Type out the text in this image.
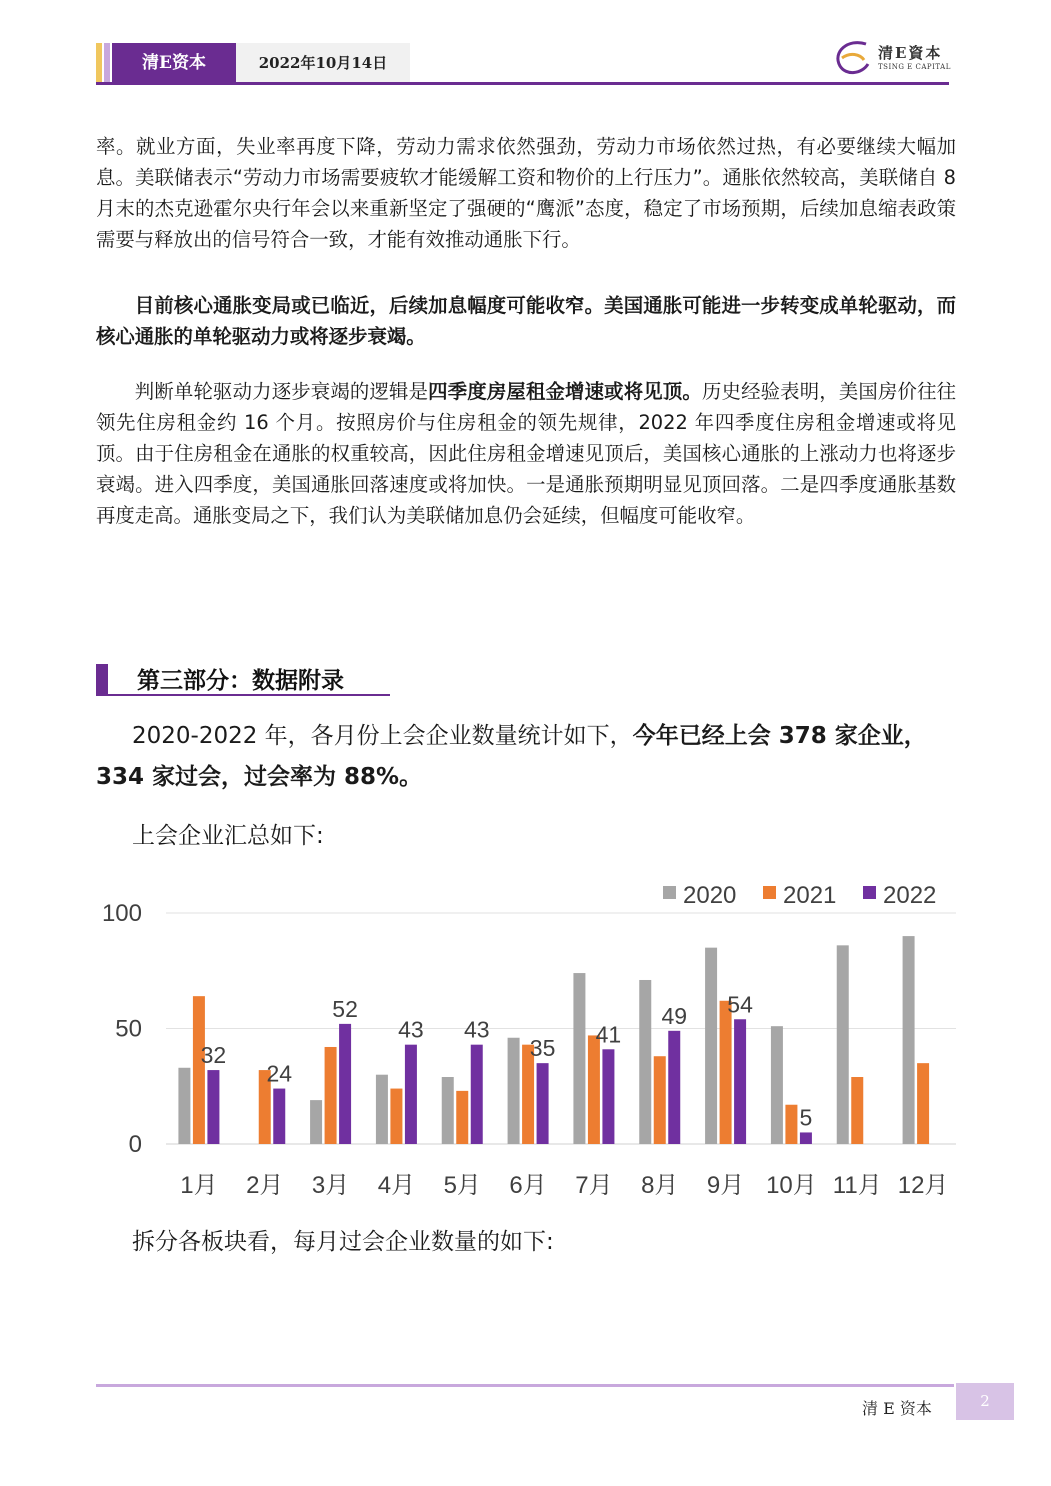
清E资本	2022年10月14日
清E資本
TSING E CAPITAL

率。就业方面，失业率再度下降，劳动力需求依然强劲，劳动力市场依然过热，有必要继续大幅加息。美联储表示“劳动力市场需要疲软才能缓解工资和物价的上行压力”。通胀依然较高，美联储自 8 月末的杰克逊霍尔央行年会以来重新坚定了强硬的“鹰派”态度，稳定了市场预期，后续加息缩表政策需要与释放出的信号符合一致，才能有效推动通胀下行。

目前核心通胀变局或已临近，后续加息幅度可能收窄。美国通胀可能进一步转变成单轮驱动，而核心通胀的单轮驱动力或将逐步衰竭。

判断单轮驱动力逐步衰竭的逻辑是四季度房屋租金增速或将见顶。历史经验表明，美国房价往往领先住房租金约 16 个月。按照房价与住房租金的领先规律，2022 年四季度住房租金增速或将见顶。由于住房租金在通胀的权重较高，因此住房租金增速见顶后，美国核心通胀的上涨动力也将逐步衰竭。进入四季度，美国通胀回落速度或将加快。一是通胀预期明显见顶回落。二是四季度通胀基数再度走高。通胀变局之下，我们认为美联储加息仍会延续，但幅度可能收窄。

第三部分：数据附录

2020-2022 年，各月份上会企业数量统计如下，今年已经上会 378 家企业，334 家过会，过会率为 88%。

上会企业汇总如下:

0
50
100
32
1月
24
2月
52
3月
43
4月
43
5月
35
6月
41
7月
49
8月
54
9月
5
10月 11月 12月
2020 2021 2022

拆分各板块看，每月过会企业数量的如下:

清 E 资本	2
